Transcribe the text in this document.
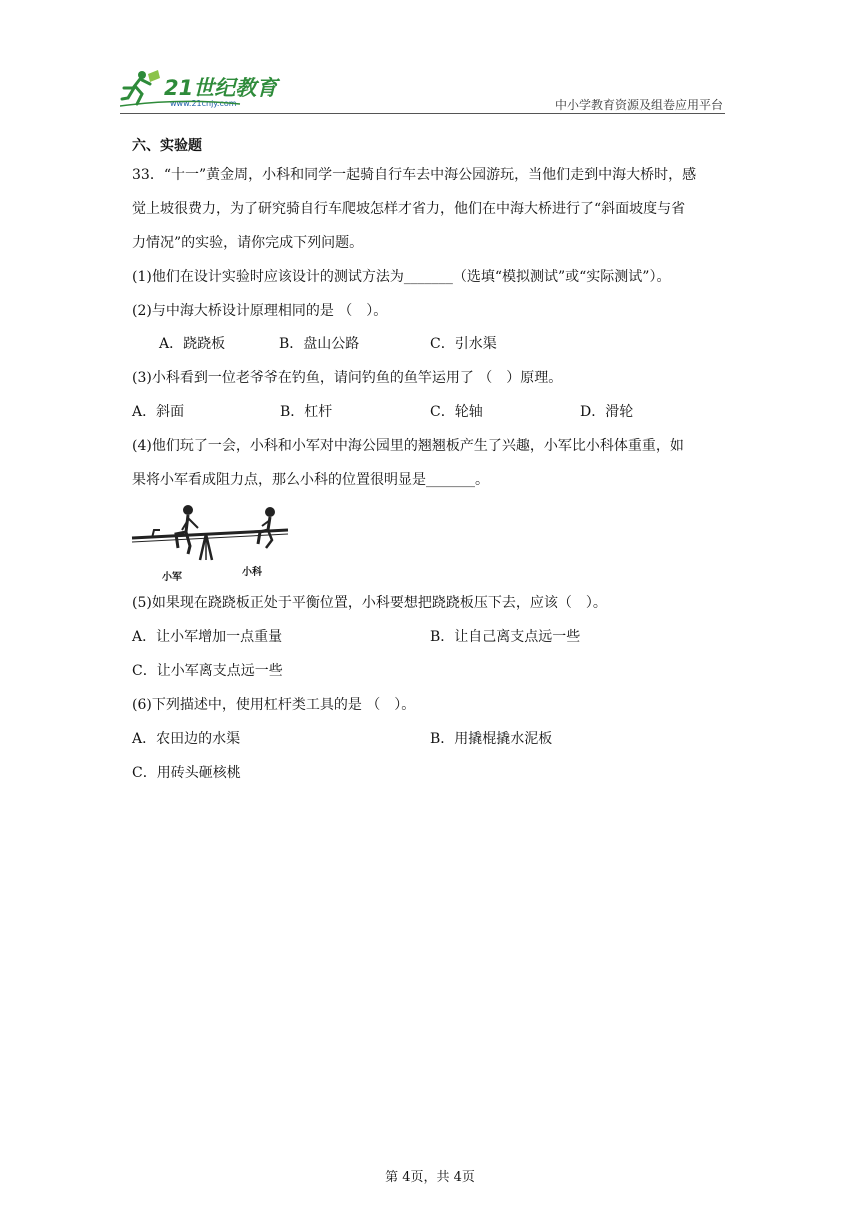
21世纪教育
www.21cnjy.com	中小学教育资源及组卷应用平台
六、实验题
33．“十一”黄金周，小科和同学一起骑自行车去中海公园游玩，当他们走到中海大桥时，感
觉上坡很费力，为了研究骑自行车爬坡怎样才省力，他们在中海大桥进行了“斜面坡度与省
力情况”的实验，请你完成下列问题。
(1)他们在设计实验时应该设计的测试方法为_______（选填“模拟测试”或“实际测试”）。
(2)与中海大桥设计原理相同的是 （　）。
A．跷跷板	B．盘山公路	C．引水渠
(3)小科看到一位老爷爷在钓鱼，请问钓鱼的鱼竿运用了 （　）原理。
A．斜面	B．杠杆	C．轮轴	D．滑轮
(4)他们玩了一会，小科和小军对中海公园里的翘翘板产生了兴趣，小军比小科体重重，如
果将小军看成阻力点，那么小科的位置很明显是_______。
小军	小科
(5)如果现在跷跷板正处于平衡位置，小科要想把跷跷板压下去，应该（　）。
A．让小军增加一点重量	B．让自己离支点远一些
C．让小军离支点远一些
(6)下列描述中，使用杠杆类工具的是 （　）。
A．农田边的水渠	B．用撬棍撬水泥板
C．用砖头砸核桃
第 4页，共 4页
